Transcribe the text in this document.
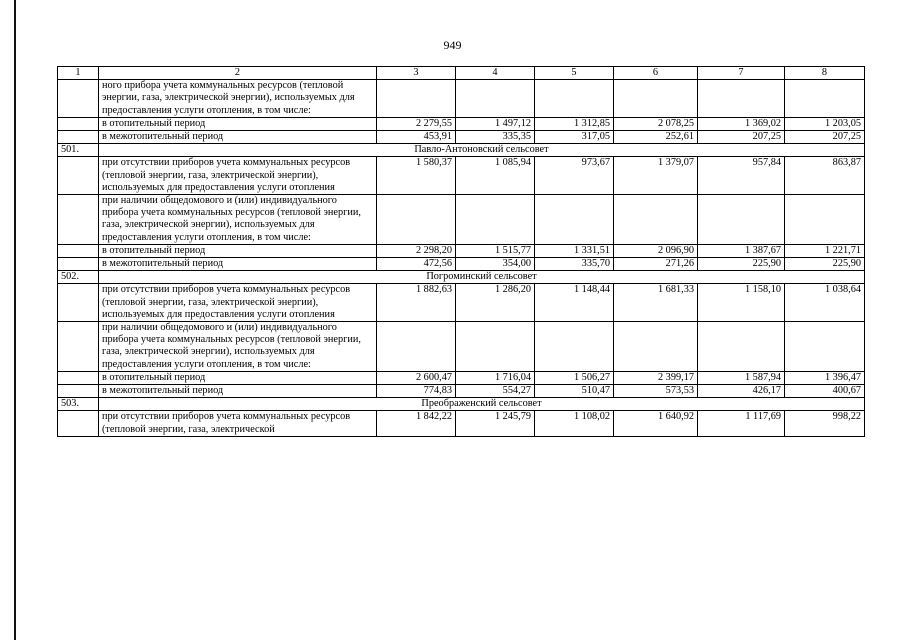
949
1	2	3	4	5	6	7	8
	ного прибора учета коммунальных ресурсов (тепловой энергии, газа, электрической энергии), используемых для предоставления услуги отопления, в том числе:						
	в отопительный период	2 279,55	1 497,12	1 312,85	2 078,25	1 369,02	1 203,05
	в межотопительный период	453,91	335,35	317,05	252,61	207,25	207,25
501.	Павло-Антоновский сельсовет						
	при отсутствии приборов учета коммунальных ресурсов (тепловой энергии, газа, электрической энергии), используемых для предоставления услуги отопления	1 580,37	1 085,94	973,67	1 379,07	957,84	863,87
	при наличии общедомового и (или) индивидуального прибора учета коммунальных ресурсов (тепловой энергии, газа, электрической энергии), используемых для предоставления услуги отопления, в том числе:						
	в отопительный период	2 298,20	1 515,77	1 331,51	2 096,90	1 387,67	1 221,71
	в межотопительный период	472,56	354,00	335,70	271,26	225,90	225,90
502.	Погроминский сельсовет						
	при отсутствии приборов учета коммунальных ресурсов (тепловой энергии, газа, электрической энергии), используемых для предоставления услуги отопления	1 882,63	1 286,20	1 148,44	1 681,33	1 158,10	1 038,64
	при наличии общедомового и (или) индивидуального прибора учета коммунальных ресурсов (тепловой энергии, газа, электрической энергии), используемых для предоставления услуги отопления, в том числе:						
	в отопительный период	2 600,47	1 716,04	1 506,27	2 399,17	1 587,94	1 396,47
	в межотопительный период	774,83	554,27	510,47	573,53	426,17	400,67
503.	Преображенский сельсовет						
	при отсутствии приборов учета коммунальных ресурсов (тепловой энергии, газа, электрической	1 842,22	1 245,79	1 108,02	1 640,92	1 117,69	998,22
